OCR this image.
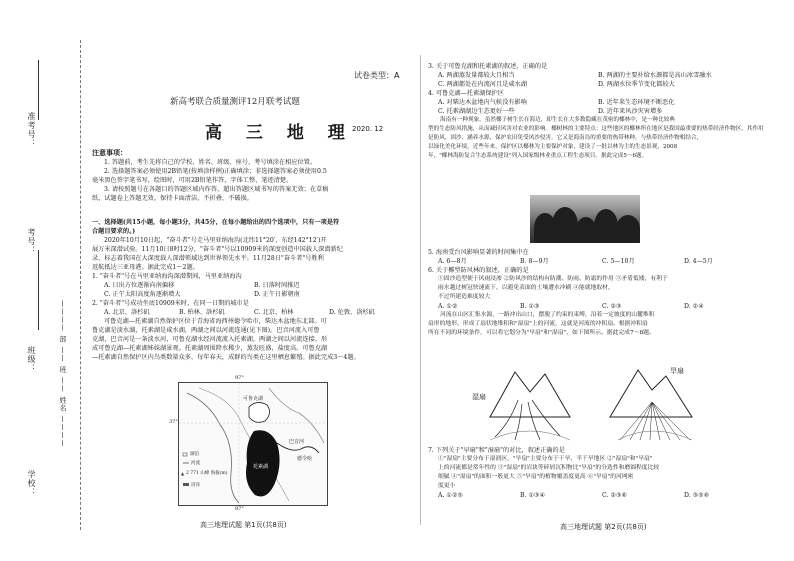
准考号：
考号：
班级：
学校：
———— 部 —— 班 —— 姓名 ————
试卷类型：A
新高考联合质量测评12月联考试题
高 三 地 理
2020. 12
注意事项：
1. 答题前，考生先将自己的学校、姓名、班级、座号、考号填涂在相应位置。
2. 选择题答案必须使用2B铅笔(按填涂样例)正确填涂；非选择题答案必须使用0.5
毫米黑色签字笔书写，绘图时，可用2B铅笔作答，字体工整、笔迹清楚。
3. 请按照题号在各题目的答题区域内作答，超出答题区域书写的答案无效；在草稿
纸、试题卷上答题无效。保持卡面清洁，不折叠、不破损。
一、选择题(共15小题，每小题3分，共45分，在每小题给出的四个选项中，只有一项是符
合题目要求的。)
2020年10月10日起，"奋斗者"号走马里亚纳海沟(北纬11°20′，东经142°12′)开
展万米深潜试验。11月10日8时12分，"奋斗者"号以10909米的深度创造中国载人深潜新纪
录，标志着我国在大深度载人深潜领域达到世界领先水平。11月28日"奋斗者"号胜利
返航抵达三亚母港。据此完成1～2题。
1. "奋斗者"号在马里亚纳海沟深潜期间，马里亚纳海沟
A. 日出方位逐渐向南偏移	B. 日落时间推迟
C. 正午太阳高度角逐渐增大	D. 正午日影朝南
2. "奋斗者"号成功坐底10909米时，在同一日期的城市是
A. 北京、洛杉矶	B. 柏林、洛杉矶	C. 北京、柏林	D. 伦敦、洛杉矶
可鲁克湖—托素湖自然保护区位于青海省海西州德令哈市，柴达木盆地东北部。可
鲁克湖是淡水湖，托素湖是咸水湖，两湖之间以河流连通(见下图)。巴音河流入可鲁
克湖，巴音河是一条淡水河，可鲁克湖水经河流流入托素湖，两湖之间以河流连接。形
成可鲁克湖—托素湖姊妹湖景观。托素湖周围降水稀少，蒸发旺盛，盐度高。可鲁克湖
—托素湖自然保护区内鸟类数量众多，每年春天，成群的鸟类在这里栖息繁殖。据此完成3～4题。
▲
可鲁克湖
托素湖
巴音河
德令哈
湖泊
河流
2 771 山峰 海拔(m)
沼泽
97°
37°
97°
高三地理试题 第1页(共8页)
3. 关于可鲁克湖和托素湖的叙述，正确的是
A. 两湖蒸发量都较大且相当	B. 两湖的主要补给水源都是高山冰雪融水
C. 两湖都处在内流河且是咸水湖	D. 两湖水位季节变化都较大
4. 可鲁克湖—托素湖保护区
A. 对柴达木盆地内气候没有影响	B. 近年来生态环境不断恶化
C. 托素湖湖边生态更好一些	D. 近年来风沙灾害增多
海南有一种现象，虽然椰子树生长在海边，却生长在大多数隐藏在茂密的椰林中，是一种比较典
型的生态防风措施，从而减轻风害对农业的影响。椰树林的主要特点：这些地区的椰林所在地区是我国最重要的热带经济作物区，其作用
是防风、固沙、涵养水源，保护农田免受风沙侵害。它又是海南岛的重要的热带林种，与热带经济作物相结合，
以绿化美化环境。近些年来，保护区以椰林为主要保护对象，建设了一批以林为主的生态景观，2008
年，"椰林海防复合生态系统建设"列入国家级林业重点工程生态项目。据此完成5～6题。
5. 海南受台风影响显著的时间集中在
A. 6—8月	B. 8—9月	C. 5—10月	D. 4—5月
6. 关于椰型防风林的叙述，正确的是
①固沙造型便于风雨浸渗 ②防风沙的结构有防潮、防雨、防霜的作用 ③矛盾低矮，有利于
雨水越过树冠快速流下，以避免表面的土壤遭水冲刷 ④能就地取材，
不过所建造难度较大
A. ①②	B. ①③	C. ②③	D. ②④
河流在山区汇集水源，一路冲出山口，摆脱了约束的束缚，沿着一定坡度的山麓堆积
扇形的地形，形成了扇状地堆积和"湿扇"上的河流，这就是河流的冲积扇。根据冲积扇
所在不同的环境条件，可以将它划分为"早扇"和"湿扇"，如下图所示。据此完成7～8题。
湿扇
旱扇
7. 下列关于"早扇"和"湿扇"的对比，叙述正确的是
①"湿扇"主要分布于湿润区，"旱扇"主要分布于干旱、半干旱地区 ②"湿扇"和"旱扇"
上的河流都是常年性的 ③"湿扇"的岩块等碎屑沉积物比"旱扇"的分选性和磨圆程度比较
细腻 ④"湿扇"的面积一般更大 ⑤"旱扇"的植物覆盖度更高 ⑥"旱扇"的河网密
度更小
A. ①②⑤	B. ①③④	C. ②③⑥	D. ③⑤⑥
高三地理试题 第2页(共8页)
